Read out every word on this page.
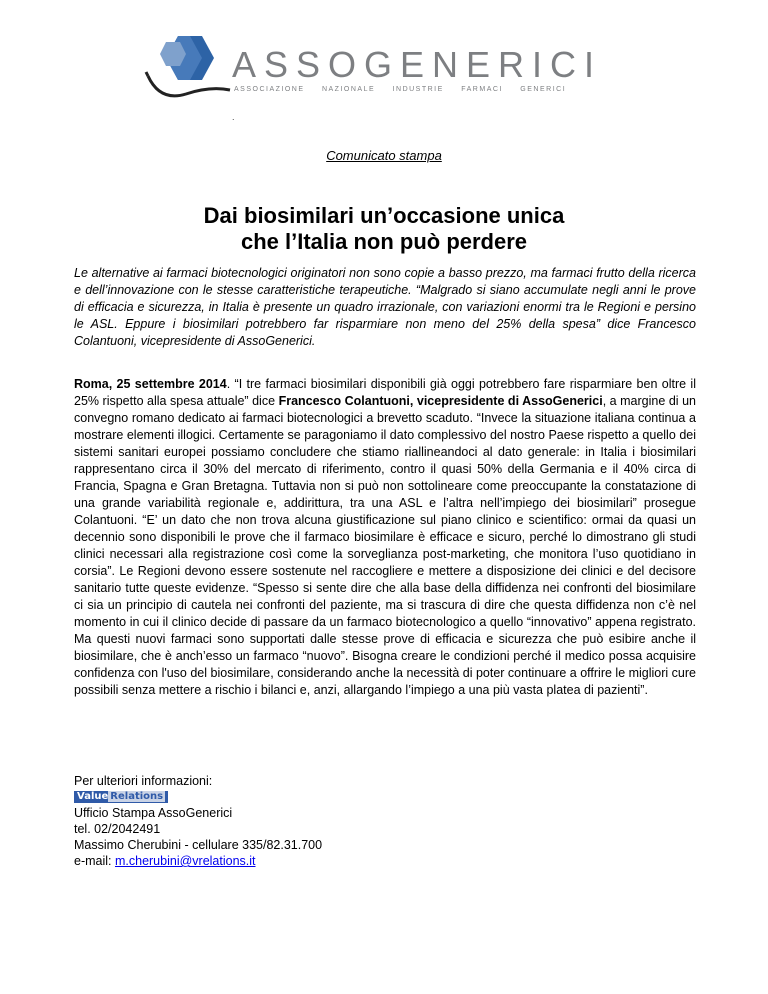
ASSOGENERICI
ASSOCIAZIONE NAZIONALE INDUSTRIE FARMACI GENERICI
.
Comunicato stampa
Dai biosimilari un’occasione unica
che l’Italia non può perdere

Le alternative ai farmaci biotecnologici originatori non sono copie a basso prezzo, ma farmaci frutto della ricerca e dell’innovazione con le stesse caratteristiche terapeutiche. “Malgrado si siano accumulate negli anni le prove di efficacia e sicurezza, in Italia è presente un quadro irrazionale, con variazioni enormi tra le Regioni e persino le ASL. Eppure i biosimilari potrebbero far risparmiare non meno del 25% della spesa” dice Francesco Colantuoni, vicepresidente di AssoGenerici.

Roma, 25 settembre 2014. “I tre farmaci biosimilari disponibili già oggi potrebbero fare risparmiare ben oltre il 25% rispetto alla spesa attuale” dice Francesco Colantuoni, vicepresidente di AssoGenerici, a margine di un convegno romano dedicato ai farmaci biotecnologici a brevetto scaduto. “Invece la situazione italiana continua a mostrare elementi illogici. Certamente se paragoniamo il dato complessivo del nostro Paese rispetto a quello dei sistemi sanitari europei possiamo concludere che stiamo riallineandoci al dato generale: in Italia i biosimilari rappresentano circa il 30% del mercato di riferimento, contro il quasi 50% della Germania e il 40% circa di Francia, Spagna e Gran Bretagna. Tuttavia non si può non sottolineare come preoccupante la constatazione di una grande variabilità regionale e, addirittura, tra una ASL e l’altra nell’impiego dei biosimilari” prosegue Colantuoni. “E’ un dato che non trova alcuna giustificazione sul piano clinico e scientifico: ormai da quasi un decennio sono disponibili le prove che il farmaco biosimilare è efficace e sicuro, perché lo dimostrano gli studi clinici necessari alla registrazione così come la sorveglianza post-marketing, che monitora l’uso quotidiano in corsia”. Le Regioni devono essere sostenute nel raccogliere e mettere a disposizione dei clinici e del decisore sanitario tutte queste evidenze. “Spesso si sente dire che alla base della diffidenza nei confronti del biosimilare ci sia un principio di cautela nei confronti del paziente, ma si trascura di dire che questa diffidenza non c’è nel momento in cui il clinico decide di passare da un farmaco biotecnologico a quello “innovativo” appena registrato. Ma questi nuovi farmaci sono supportati dalle stesse prove di efficacia e sicurezza che può esibire anche il biosimilare, che è anch’esso un farmaco “nuovo”. Bisogna creare le condizioni perché il medico possa acquisire confidenza con l'uso del biosimilare, considerando anche la necessità di poter continuare a offrire le migliori cure possibili senza mettere a rischio i bilanci e, anzi, allargando l’impiego a una più vasta platea di pazienti”.

Per ulteriori informazioni:
Value Relations
Ufficio Stampa AssoGenerici
tel. 02/2042491
Massimo Cherubini - cellulare 335/82.31.700
e-mail: m.cherubini@vrelations.it
